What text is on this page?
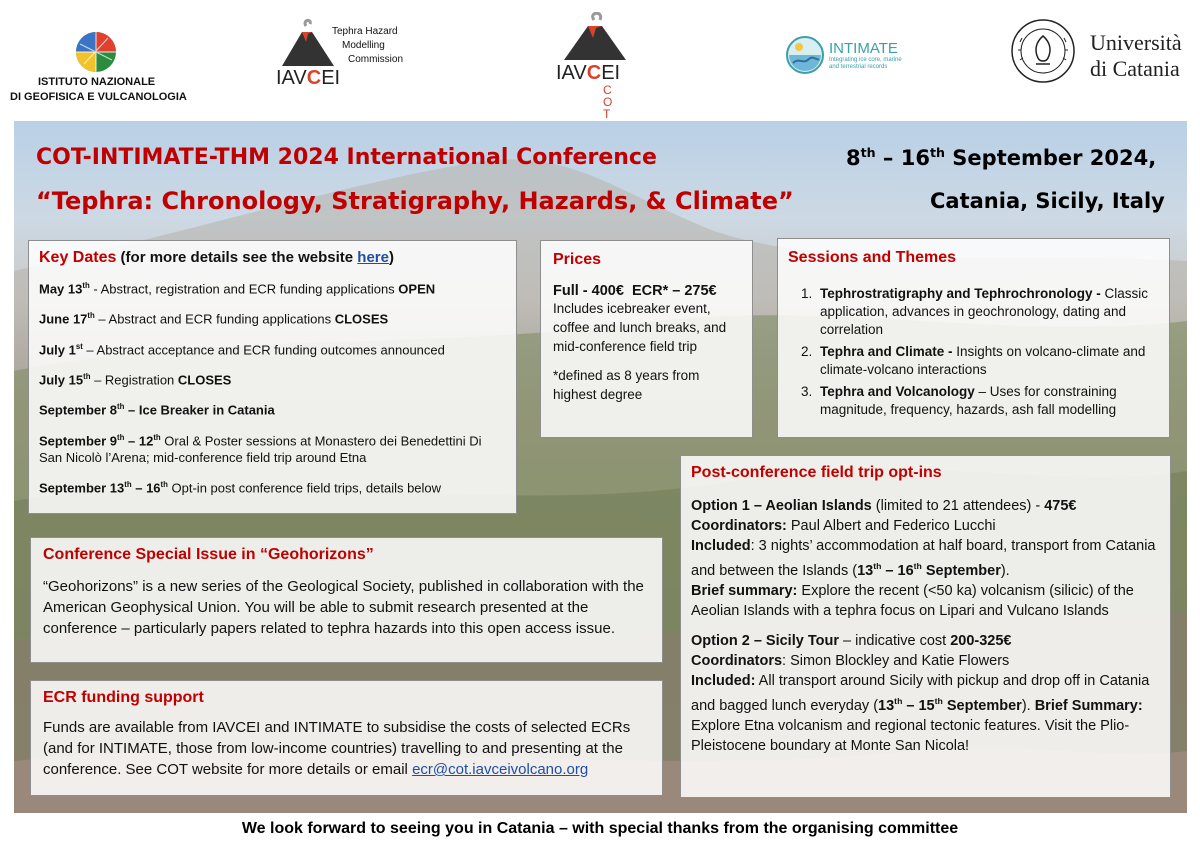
ISTITUTO NAZIONALE
DI GEOFISICA E VULCANOLOGIA
Tephra Hazard
Modelling
Commission
IAVCEI	IAVCEI
COT
INTIMATE
Integrating ice core, marine
and terrestrial records
Università
di Catania
COT-INTIMATE-THM 2024 International Conference
“Tephra: Chronology, Stratigraphy, Hazards, & Climate”
8th – 16th September 2024,
Catania, Sicily, Italy
Key Dates (for more details see the website here)
May 13th - Abstract, registration and ECR funding applications OPEN
June 17th – Abstract and ECR funding applications CLOSES
July 1st – Abstract acceptance and ECR funding outcomes announced
July 15th – Registration CLOSES
September 8th – Ice Breaker in Catania
September 9th – 12th Oral & Poster sessions at Monastero dei Benedettini Di San Nicolò l’Arena; mid-conference field trip around Etna
September 13th – 16th Opt-in post conference field trips, details below
Prices
Full - 400€  ECR* – 275€
Includes icebreaker event, coffee and lunch breaks, and mid-conference field trip
*defined as 8 years from highest degree
Sessions and Themes
1. Tephrostratigraphy and Tephrochronology - Classic application, advances in geochronology, dating and correlation
2. Tephra and Climate - Insights on volcano-climate and climate-volcano interactions
3. Tephra and Volcanology – Uses for constraining magnitude, frequency, hazards, ash fall modelling
Conference Special Issue in “Geohorizons”
“Geohorizons” is a new series of the Geological Society, published in collaboration with the American Geophysical Union. You will be able to submit research presented at the conference – particularly papers related to tephra hazards into this open access issue.
ECR funding support
Funds are available from IAVCEI and INTIMATE to subsidise the costs of selected ECRs (and for INTIMATE, those from low-income countries) travelling to and presenting at the conference. See COT website for more details or email ecr@cot.iavceivolcano.org
Post-conference field trip opt-ins
Option 1 – Aeolian Islands (limited to 21 attendees) - 475€
Coordinators: Paul Albert and Federico Lucchi
Included: 3 nights’ accommodation at half board, transport from Catania and between the Islands (13th – 16th September).
Brief summary: Explore the recent (<50 ka) volcanism (silicic) of the Aeolian Islands with a tephra focus on Lipari and Vulcano Islands
Option 2 – Sicily Tour – indicative cost 200-325€
Coordinators: Simon Blockley and Katie Flowers
Included: All transport around Sicily with pickup and drop off in Catania and bagged lunch everyday (13th – 15th September). Brief Summary: Explore Etna volcanism and regional tectonic features. Visit the Plio-Pleistocene boundary at Monte San Nicola!
We look forward to seeing you in Catania – with special thanks from the organising committee
